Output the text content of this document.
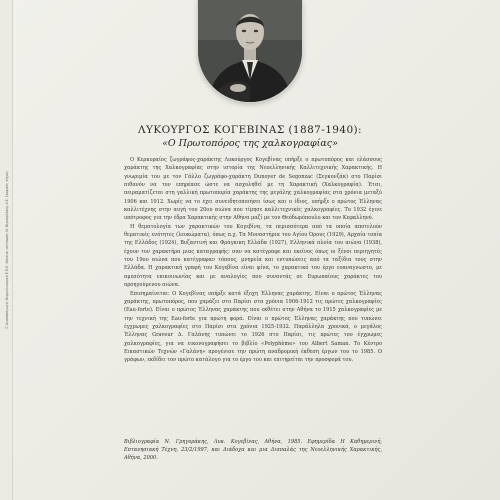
© Αναπαραγωγή: Θερμοδυναμική Ε.Π.Ε. Χάρτινη εκτύπωση: Ν. Βερναρδάκης Α.Ε. Γραφικές τέχνες
ΛΥΚΟΥΡΓΟΣ ΚΟΓΕΒΙΝΑΣ (1887-1940):
«Ο Πρωτοπόρος της χαλκογραφίας»

Ο Κερκυραίος ζωγράφος-χαράκτης Λυκούργος Κογεβίνας υπήρξε ο πρωτοπόρος και ελάσσους χαράκτης της Χαλκογραφίας στην ιστορία της Νεοελληνικής Καλλιτεχνικής Χαρακτικής. Η γνωριμία του με τον Γάλλο ζωγράφο-χαράκτη Dunoyer de Segonzac (Σεγκονζάκ) στο Παρίσι πιθανόν να τον επηρέασε ώστε να ασχοληθεί με τη Χαρακτική (Χαλκογραφία). Έτσι, πειραματίζεται στη γαλλική πρωτοπορία χαράκτης της μεγάλης χαλκογραφίας στα χρόνια μεταξύ 1906 και 1912. Χωρίς να το έχει συνειδητοποιήσει ίσως και ο ίδιος, υπήρξε ο πρώτος Έλληνας καλλιτέχνης στην αυγή του 20ου αιώνα που τίμησε καλλιτεχνικές χαλκογραφίες. Το 1932 έγινε υπότροφος για την έδρα Χαρακτικής στην Αθήνα μαζί με τον Θεόδωρόπουλο και τον Κεφαλληνό.

Η θεματολογία των χαρακτικών του Κογεβίνα, τα περισσότερα από τα οποία αποτελούν θεματικές ενότητες (λευκώματα), όπως π.χ. Τα Μοναστήρια του Αγίου Όρους (1929), Αρχαία τοπία της Ελλάδος (1924), Βυζαντινή και Φράγκικη Ελλάδα (1927), Ελληνικά πλοία του αιώνα (1938), έχουν τον χαρακτήρα μιας καταγραφής: σαν να κατέγραφε και εκείνος όπως οι ξένοι περιηγητές του 19ου αιώνα που κατέγραφαν τόπους, μνημεία και εντυπώσεις από τα ταξίδια τους στην Ελλάδα. Η χαρακτική γραφή του Κογεβίνα είναι φίνα, το χαρακτικό του έργο ευαναγνωστο, με αμεσότητα επικοινωνίας και με αναλογίες που συναντάς σε Ευρωπαίους χαράκτες του προηγούμενου αιώνα.

Επισημαίνεται: Ο Κογεβίνας υπήρξε κατά έξοχη Έλληνας χαράκτης. Είναι ο πρώτος Έλληνας χαράκτης, πρωτοπόρος, που χαράζει στο Παρίσι στα χρόνια 1906-1912 τις πρώτες χαλκογραφίες (Eau-forte). Είναι ο πρώτος Έλληνας χαράκτης που εκθέτει στην Αθήνα το 1915 χαλκογραφίες με την τεχνική της Eau-forte για πρώτη φορά. Είναι ο πρώτος Έλληνας χαράκτης που τυπώνει έγχρωμες χαλκογραφίες στο Παρίσι στα χρόνια 1925-1932. Παράλληλα χρονικά, ο μεγάλος Έλληνας Graveur Δ. Γαλάνης τυπώνει το 1926 στο Παρίσι, τις πρώτες του έγχρωμες χαλκογραφίες, για να εικονογραφήσει το βιβλίο «Polyphème» του Albert Saman. Το Κέντρο Εικαστικών Τεχνών «Γαλάνη» προγένισε την πρώτη αναδρομική έκθεση έργων του το 1985. Ο γράφων, εκδίδει τον πρώτο κατάλογο για το έργο του και επιτηρείται την προσφορά του.

Βιβλιογραφία Ν. Γρηγοράκης, Λυκ. Κογεβίνας, Αθήνα, 1985. Εφημερίδα Η Καθημερινή, Επτανησιακή Τέχνη, 23/2/1997, και Διάδοχα και μια Δισπαλάς της Νεοελληνικής Χαρακτικής, Αθήνα, 2000.
